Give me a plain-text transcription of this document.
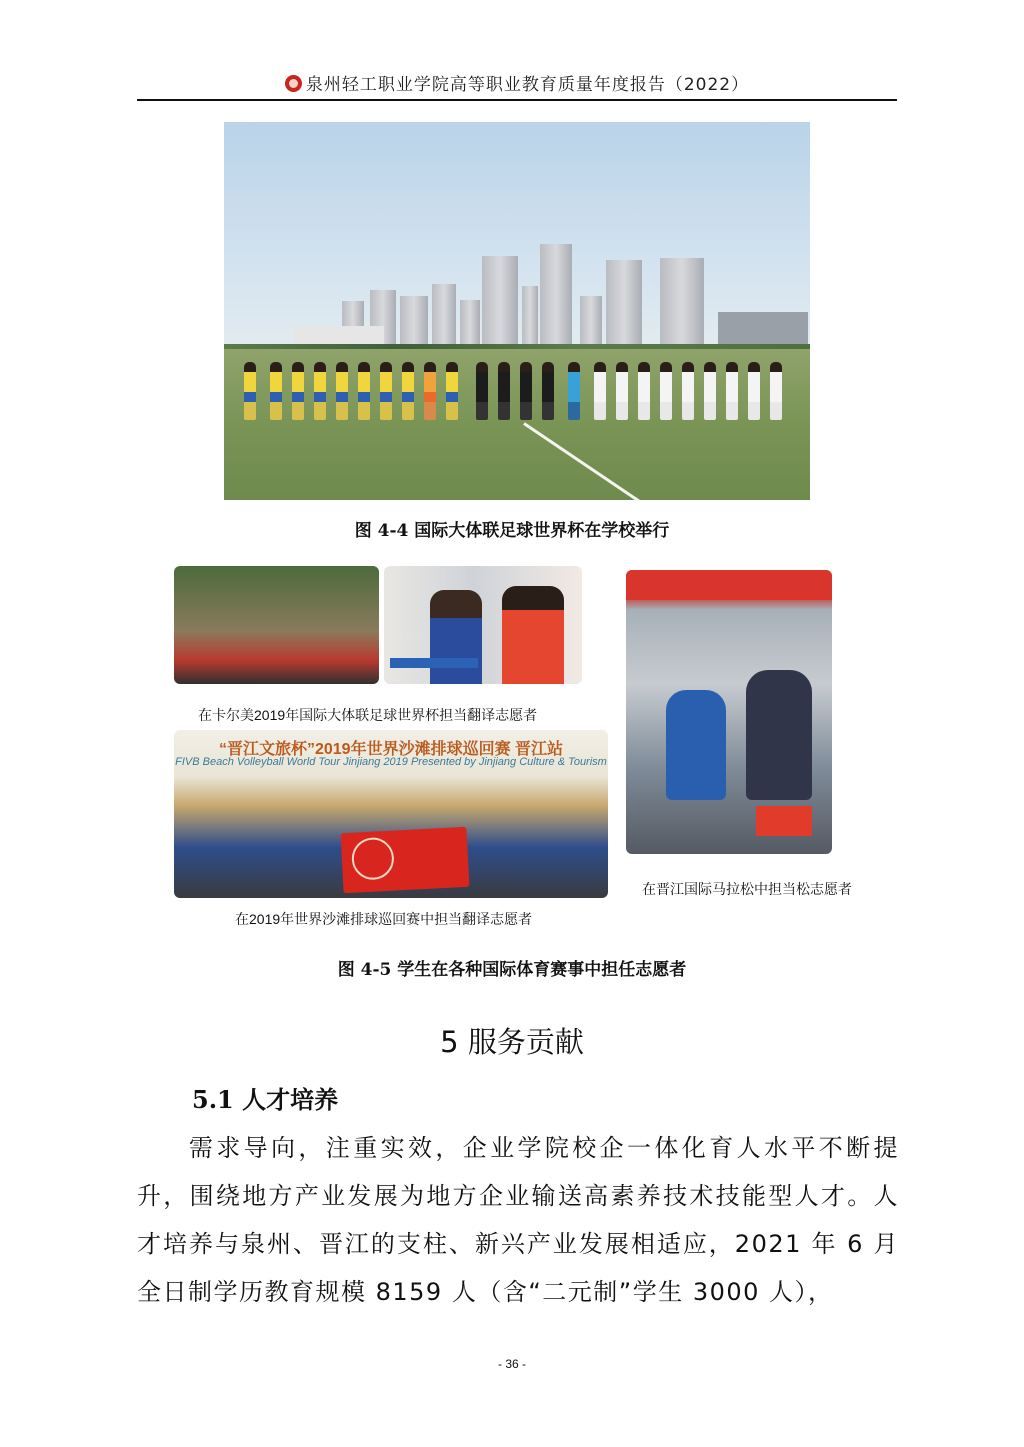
泉州轻工职业学院高等职业教育质量年度报告（2022）
图 4-4 国际大体联足球世界杯在学校举行
在卡尔美2019年国际大体联足球世界杯担当翻译志愿者
“晋江文旅杯”2019年世界沙滩排球巡回赛 晋江站
FIVB Beach Volleyball World Tour Jinjiang 2019 Presented by Jinjiang Culture & Tourism
在2019年世界沙滩排球巡回赛中担当翻译志愿者
在晋江国际马拉松中担当松志愿者
图 4-5 学生在各种国际体育赛事中担任志愿者
5 服务贡献
5.1 人才培养

需求导向，注重实效，企业学院校企一体化育人水平不断提升，围绕地方产业发展为地方企业输送高素养技术技能型人才。人才培养与泉州、晋江的支柱、新兴产业发展相适应，2021 年 6 月全日制学历教育规模 8159 人（含“二元制”学生 3000 人），

- 36 -
